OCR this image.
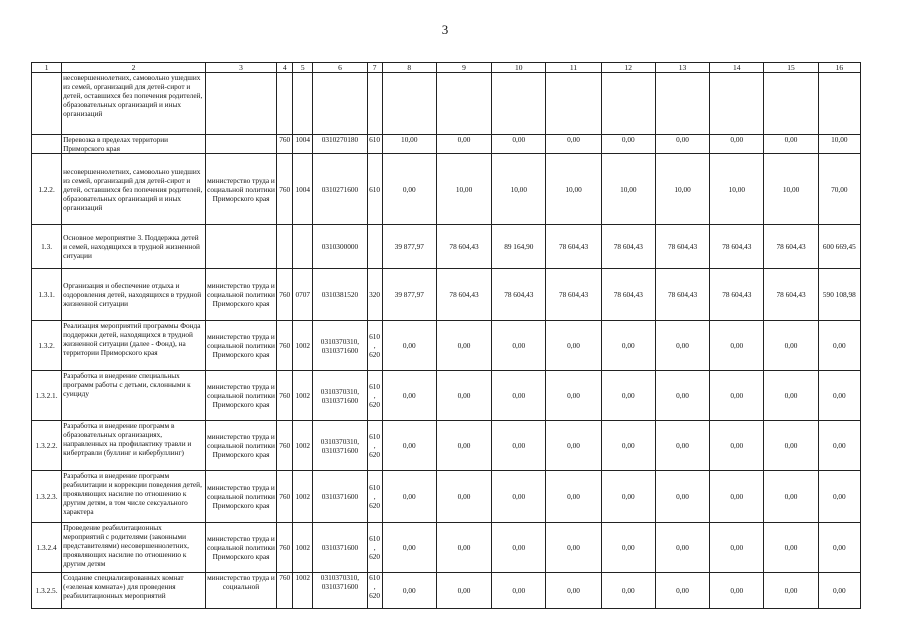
3
1	2	3	4	5	6	7	8	9	10	11	12	13	14	15	16
	несовершеннолетних, самовольно ушедших из семей, организаций для детей-сирот и детей, оставшихся без попечения родителей, образовательных организаций и иных организаций														
	Перевозка в пределах территории Приморского края		760	1004	0310270180	610	10,00	0,00	0,00	0,00	0,00	0,00	0,00	0,00	10,00
1.2.2.	несовершеннолетних, самовольно ушедших из семей, организаций для детей-сирот и детей, оставшихся без попечения родителей, образовательных организаций и иных организаций	министерство труда и социальной политики Приморского края	760	1004	0310271600	610	0,00	10,00	10,00	10,00	10,00	10,00	10,00	10,00	70,00
1.3.	Основное мероприятие 3. Поддержка детей и семей, находящихся в трудной жизненной ситуации				0310300000		39 877,97	78 604,43	89 164,90	78 604,43	78 604,43	78 604,43	78 604,43	78 604,43	600 669,45
1.3.1.	Организация и обеспечение отдыха и оздоровления детей, находящихся в трудной жизненной ситуации	министерство труда и социальной политики Приморского края	760	0707	0310381520	320	39 877,97	78 604,43	78 604,43	78 604,43	78 604,43	78 604,43	78 604,43	78 604,43	590 108,98
1.3.2.	Реализация мероприятий программы Фонда поддержки детей, находящихся в трудной жизненной ситуации (далее - Фонд), на территории Приморского края	министерство труда и социальной политики Приморского края	760	1002	0310370310, 0310371600	610, 620	0,00	0,00	0,00	0,00	0,00	0,00	0,00	0,00	0,00
1.3.2.1.	Разработка и внедрение специальных программ работы с детьми, склонными к суициду	министерство труда и социальной политики Приморского края	760	1002	0310370310, 0310371600	610, 620	0,00	0,00	0,00	0,00	0,00	0,00	0,00	0,00	0,00
1.3.2.2.	Разработка и внедрение программ в образовательных организациях, направленных на профилактику травли и кибертравли (буллинг и кибербуллинг)	министерство труда и социальной политики Приморского края	760	1002	0310370310, 0310371600	610, 620	0,00	0,00	0,00	0,00	0,00	0,00	0,00	0,00	0,00
1.3.2.3.	Разработка и внедрение программ реабилитации и коррекции поведения детей, проявляющих насилие по отношению к другим детям, в том числе сексуального характера	министерство труда и социальной политики Приморского края	760	1002	0310371600	610, 620	0,00	0,00	0,00	0,00	0,00	0,00	0,00	0,00	0,00
1.3.2.4	Проведение реабилитационных мероприятий с родителями (законными представителями) несовершеннолетних, проявляющих насилие по отношению к другим детям	министерство труда и социальной политики Приморского края	760	1002	0310371600	610, 620	0,00	0,00	0,00	0,00	0,00	0,00	0,00	0,00	0,00
1.3.2.5.	Создание специализированных комнат («зеленая комната») для проведения реабилитационных мероприятий	министерство труда и социальной	760	1002	0310370310, 0310371600	610, 620	0,00	0,00	0,00	0,00	0,00	0,00	0,00	0,00	0,00
